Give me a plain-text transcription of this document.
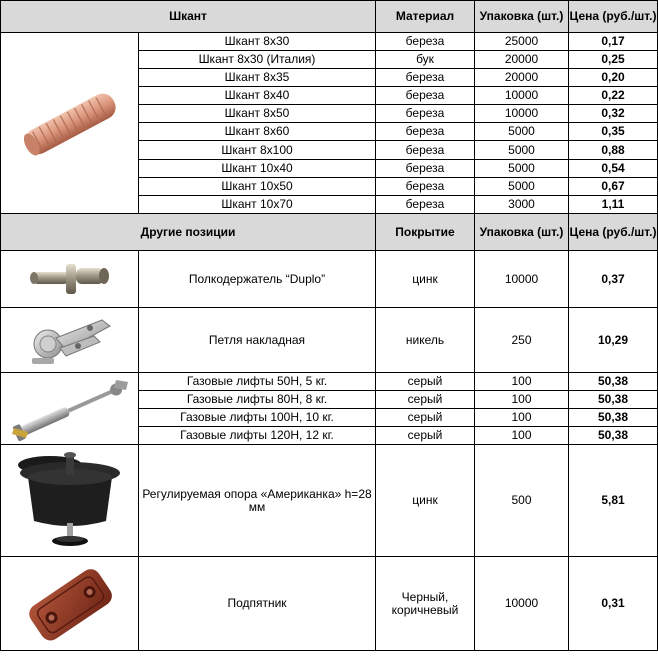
Шкант		Материал	Упаковка (шт.)	Цена (руб./шт.)

	Шкант 8х30	береза	25000	0,17
	Шкант 8х30 (Италия)	бук	20000	0,25
	Шкант 8х35	береза	20000	0,20
	Шкант 8х40	береза	10000	0,22
	Шкант 8х50	береза	10000	0,32
	Шкант 8х60	береза	5000	0,35
	Шкант 8х100	береза	5000	0,88
	Шкант 10х40	береза	5000	0,54
	Шкант 10х50	береза	5000	0,67
	Шкант 10х70	береза	3000	1,11
Другие позиции		Покрытие	Упаковка (шт.)	Цена (руб./шт.)

	Полкодержатель “Duplo”	цинк	10000	0,37

	Петля накладная	никель	250	10,29

	Газовые лифты 50Н, 5 кг.	серый	100	50,38
	Газовые лифты 80Н, 8 кг.	серый	100	50,38
	Газовые лифты 100Н, 10 кг.	серый	100	50,38
	Газовые лифты 120Н, 12 кг.	серый	100	50,38

	Регулируемая опора «Американка» h=28 мм	цинк	500	5,81

	Подпятник	Черный, коричневый	10000	0,31
